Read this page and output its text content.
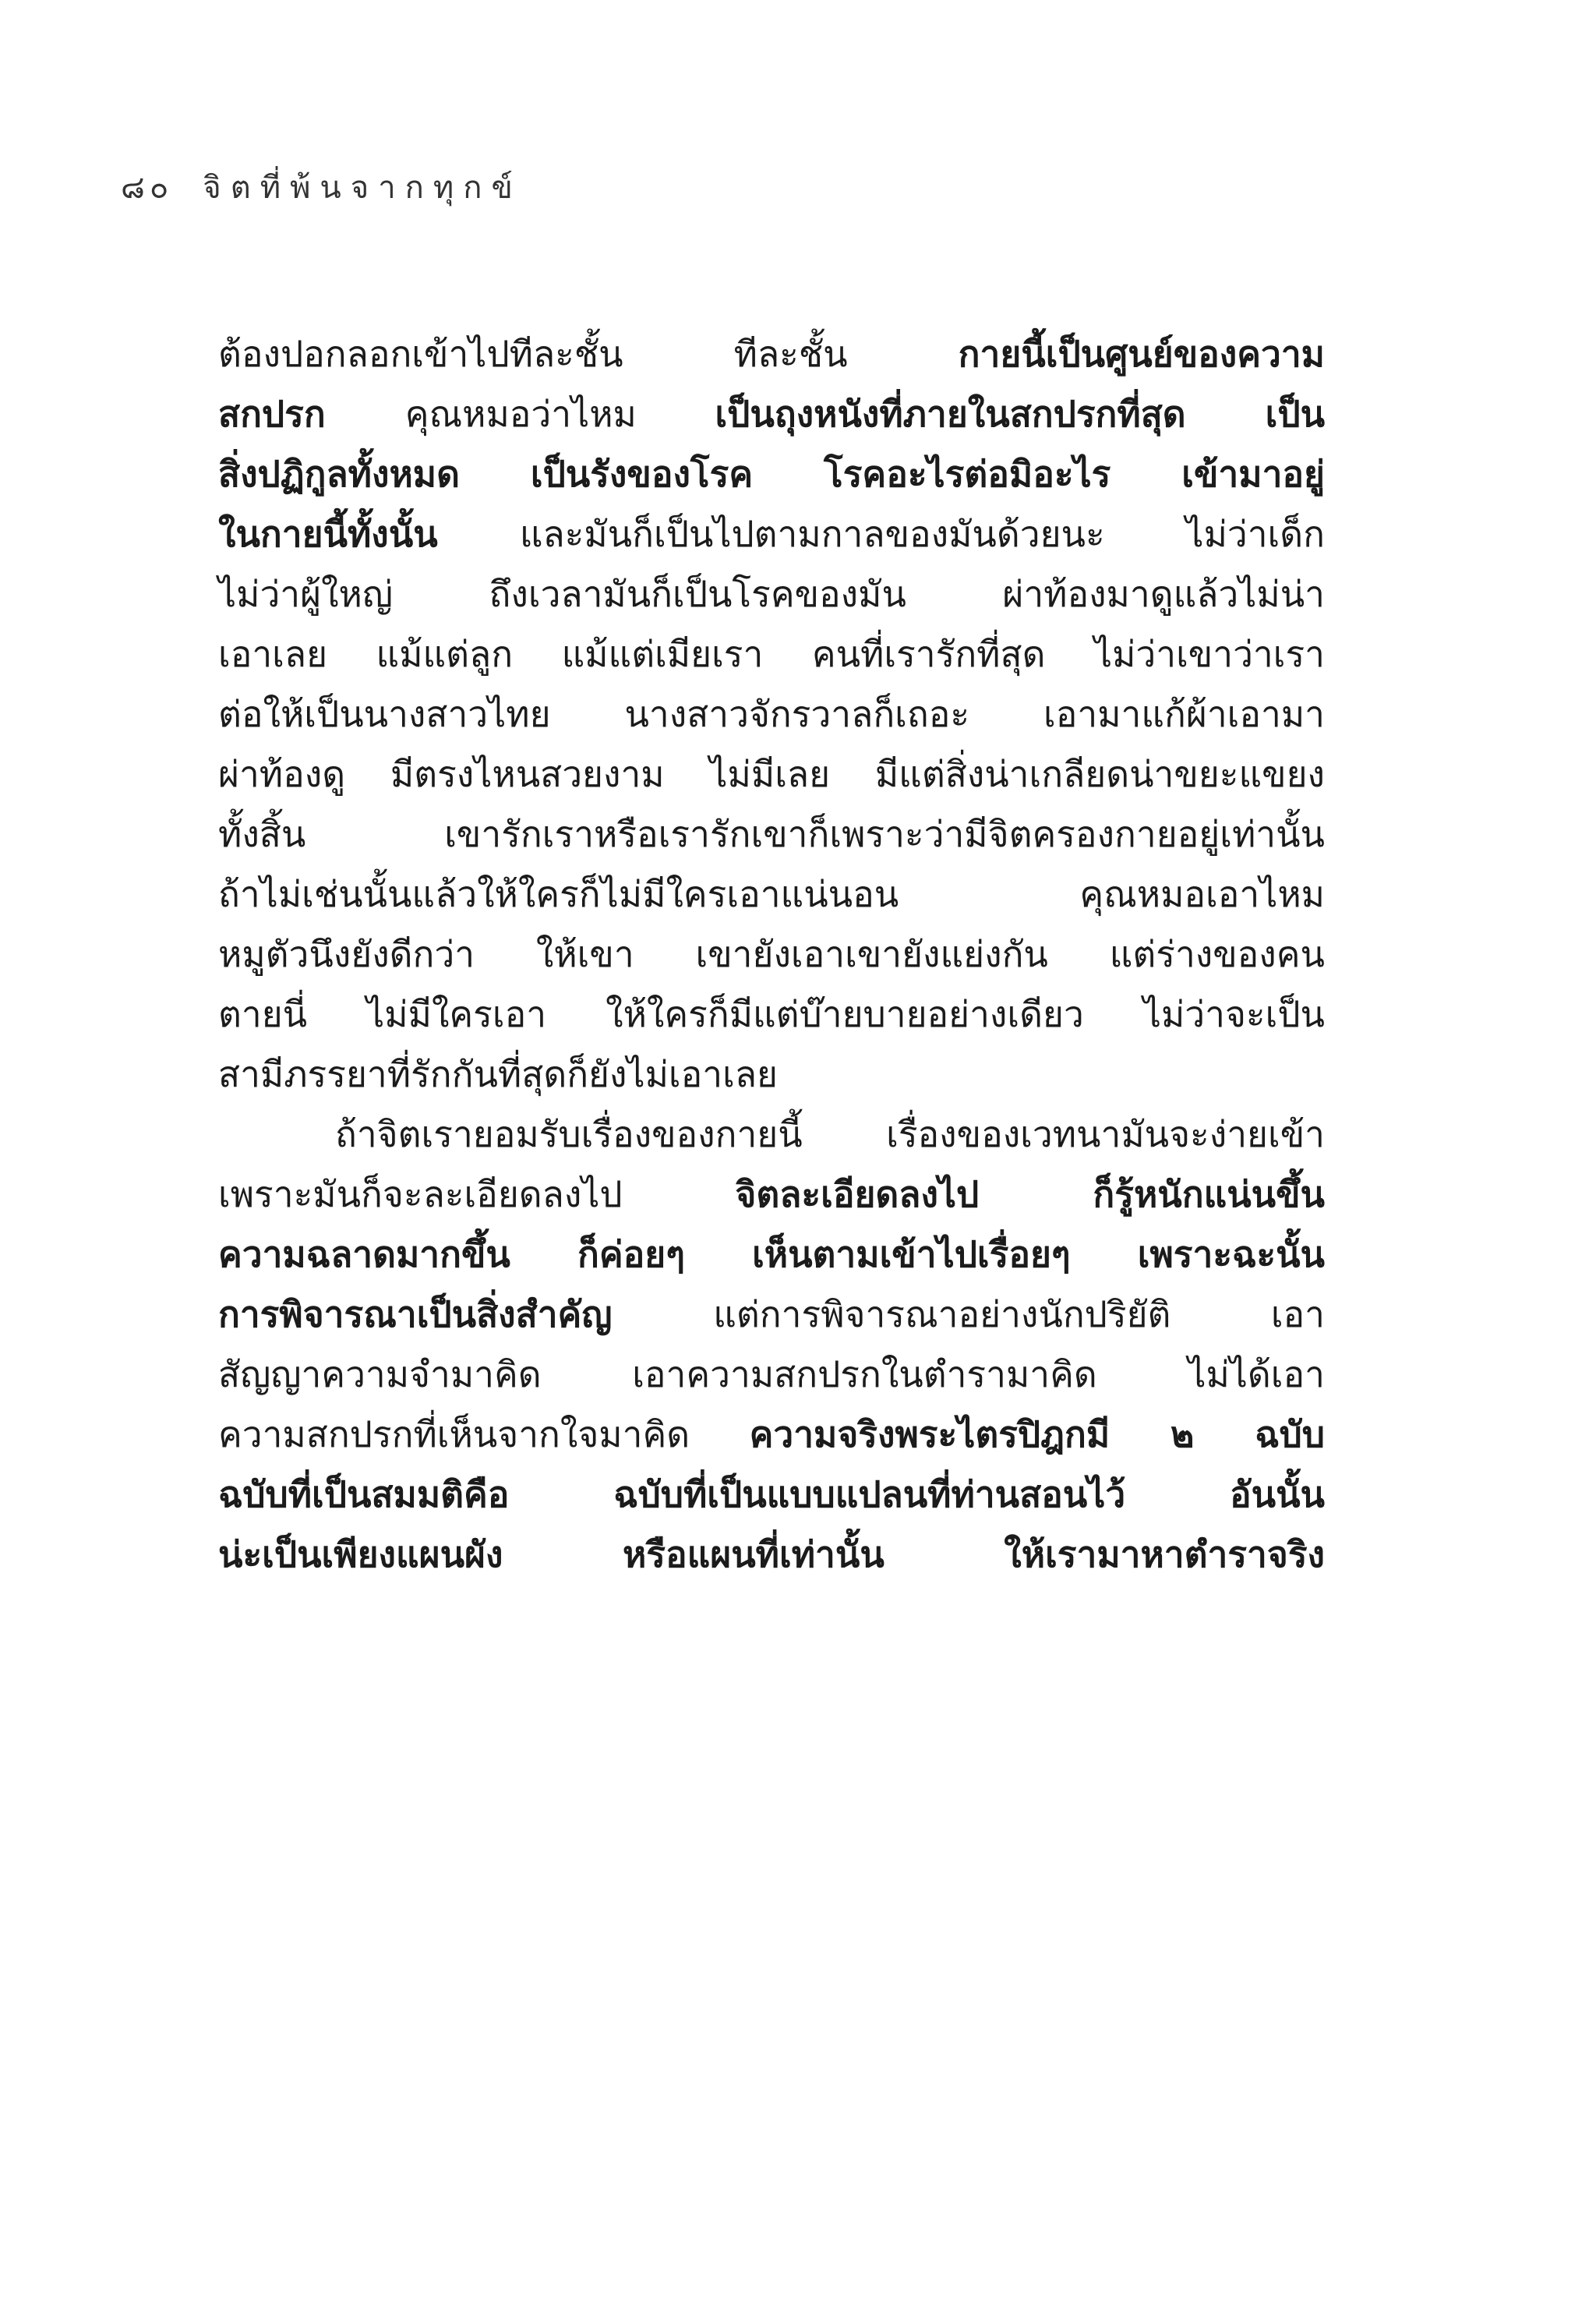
๘๐ จิตที่พ้นจากทุกข์
ต้องปอกลอกเข้าไปทีละชั้น ทีละชั้น กายนี้เป็นศูนย์ของความ
สกปรก คุณหมอว่าไหม เป็นถุงหนังที่ภายในสกปรกที่สุด เป็น
สิ่งปฏิกูลทั้งหมด เป็นรังของโรค โรคอะไรต่อมิอะไร เข้ามาอยู่
ในกายนี้ทั้งนั้น และมันก็เป็นไปตามกาลของมันด้วยนะ ไม่ว่าเด็ก
ไม่ว่าผู้ใหญ่ ถึงเวลามันก็เป็นโรคของมัน ผ่าท้องมาดูแล้วไม่น่า
เอาเลย แม้แต่ลูก แม้แต่เมียเรา คนที่เรารักที่สุด ไม่ว่าเขาว่าเรา
ต่อให้เป็นนางสาวไทย นางสาวจักรวาลก็เถอะ เอามาแก้ผ้าเอามา
ผ่าท้องดู มีตรงไหนสวยงาม ไม่มีเลย มีแต่สิ่งน่าเกลียดน่าขยะแขยง
ทั้งสิ้น เขารักเราหรือเรารักเขาก็เพราะว่ามีจิตครองกายอยู่เท่านั้น
ถ้าไม่เช่นนั้นแล้วให้ใครก็ไม่มีใครเอาแน่นอน คุณหมอเอาไหม
หมูตัวนึงยังดีกว่า ให้เขา เขายังเอาเขายังแย่งกัน แต่ร่างของคน
ตายนี่ ไม่มีใครเอา ให้ใครก็มีแต่บ๊ายบายอย่างเดียว ไม่ว่าจะเป็น
สามีภรรยาที่รักกันที่สุดก็ยังไม่เอาเลย
ถ้าจิตเรายอมรับเรื่องของกายนี้ เรื่องของเวทนามันจะง่ายเข้า
เพราะมันก็จะละเอียดลงไป จิตละเอียดลงไป ก็รู้หนักแน่นขึ้น
ความฉลาดมากขึ้น ก็ค่อยๆ เห็นตามเข้าไปเรื่อยๆ เพราะฉะนั้น
การพิจารณาเป็นสิ่งสำคัญ แต่การพิจารณาอย่างนักปริยัติ เอา
สัญญาความจำมาคิด เอาความสกปรกในตำรามาคิด ไม่ได้เอา
ความสกปรกที่เห็นจากใจมาคิด ความจริงพระไตรปิฎกมี ๒ ฉบับ
ฉบับที่เป็นสมมติคือ ฉบับที่เป็นแบบแปลนที่ท่านสอนไว้ อันนั้น
น่ะเป็นเพียงแผนผัง หรือแผนที่เท่านั้น ให้เรามาหาตำราจริง
